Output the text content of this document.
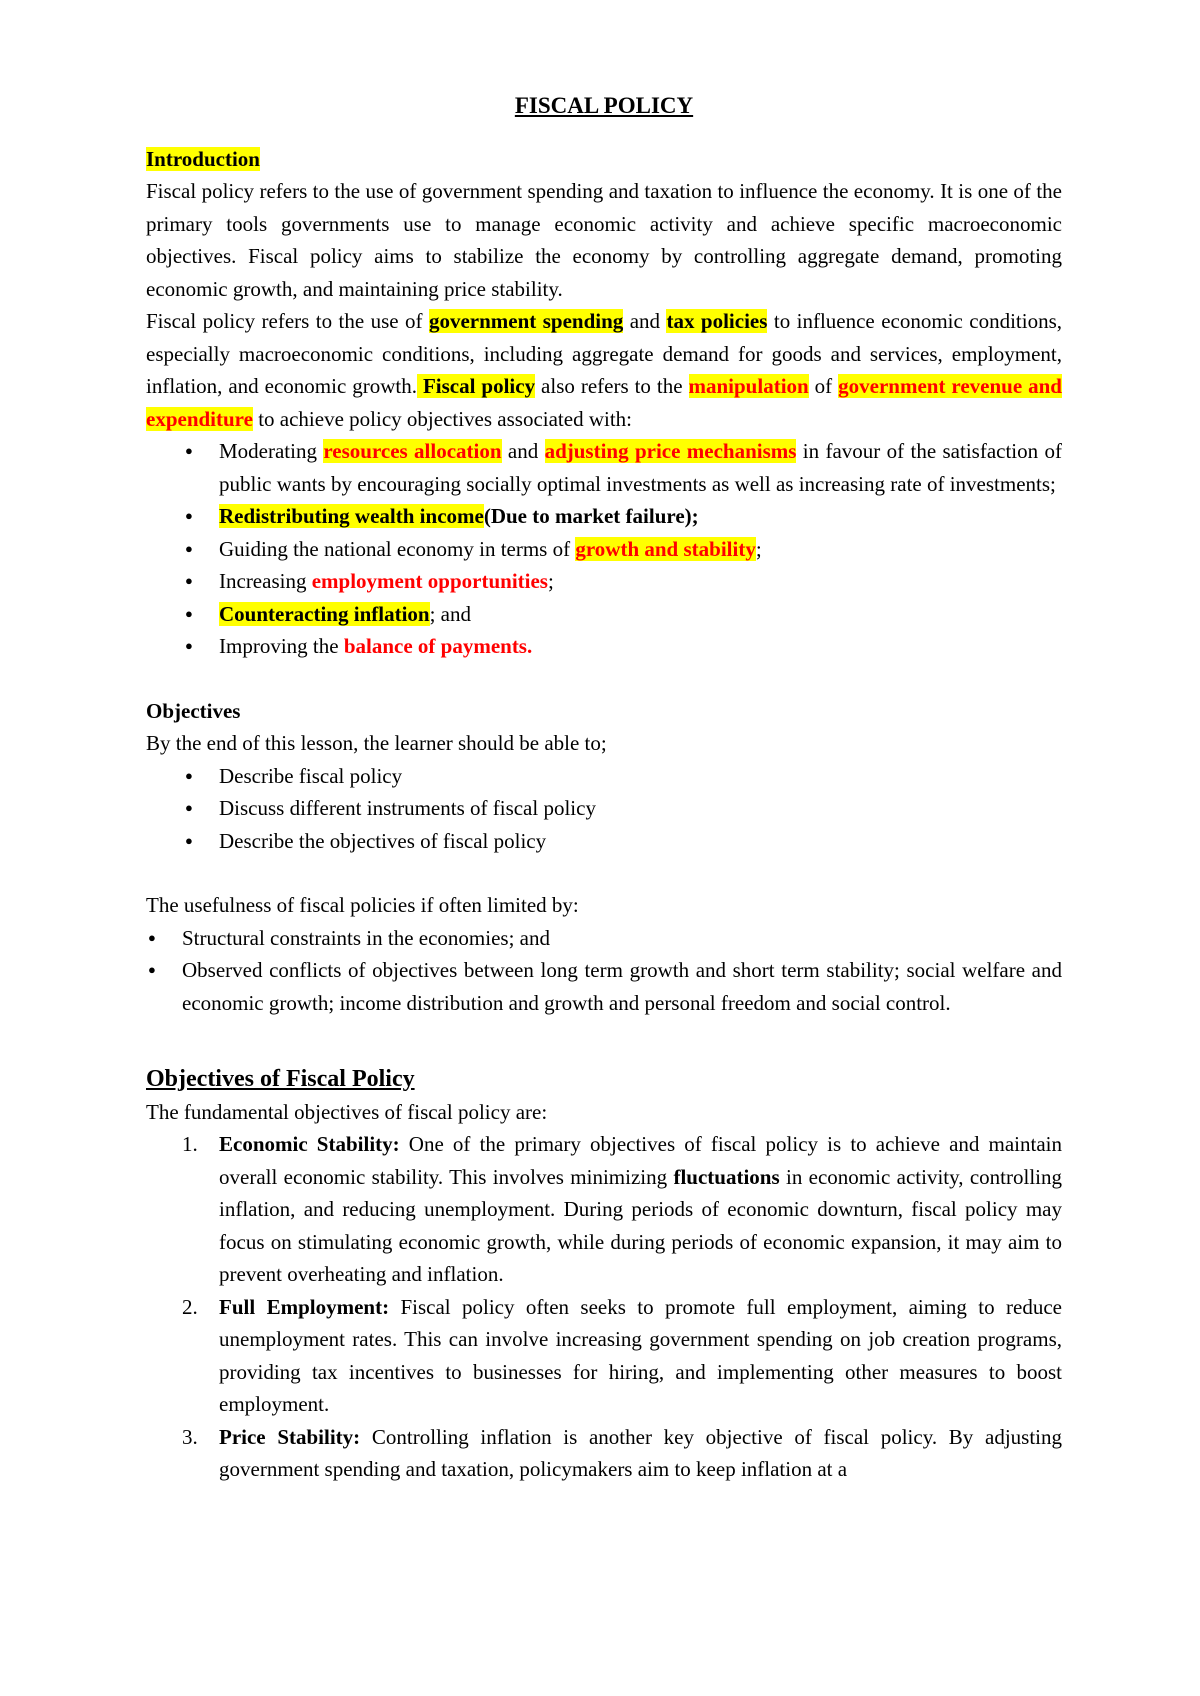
FISCAL POLICY

Introduction

Fiscal policy refers to the use of government spending and taxation to influence the economy. It is one of the primary tools governments use to manage economic activity and achieve specific macroeconomic objectives. Fiscal policy aims to stabilize the economy by controlling aggregate demand, promoting economic growth, and maintaining price stability.

Fiscal policy refers to the use of government spending and tax policies to influence economic conditions, especially macroeconomic conditions, including aggregate demand for goods and services, employment, inflation, and economic growth. Fiscal policy also refers to the manipulation of government revenue and expenditure to achieve policy objectives associated with:

● Moderating resources allocation and adjusting price mechanisms in favour of the satisfaction of public wants by encouraging socially optimal investments as well as increasing rate of investments;
● Redistributing wealth income(Due to market failure);
● Guiding the national economy in terms of growth and stability;
● Increasing employment opportunities;
● Counteracting inflation; and
● Improving the balance of payments.

Objectives

By the end of this lesson, the learner should be able to;

● Describe fiscal policy
● Discuss different instruments of fiscal policy
● Describe the objectives of fiscal policy

The usefulness of fiscal policies if often limited by:

● Structural constraints in the economies; and
● Observed conflicts of objectives between long term growth and short term stability; social welfare and economic growth; income distribution and growth and personal freedom and social control.

Objectives of Fiscal Policy

The fundamental objectives of fiscal policy are:

1. Economic Stability: One of the primary objectives of fiscal policy is to achieve and maintain overall economic stability. This involves minimizing fluctuations in economic activity, controlling inflation, and reducing unemployment. During periods of economic downturn, fiscal policy may focus on stimulating economic growth, while during periods of economic expansion, it may aim to prevent overheating and inflation.
2. Full Employment: Fiscal policy often seeks to promote full employment, aiming to reduce unemployment rates. This can involve increasing government spending on job creation programs, providing tax incentives to businesses for hiring, and implementing other measures to boost employment.
3. Price Stability: Controlling inflation is another key objective of fiscal policy. By adjusting government spending and taxation, policymakers aim to keep inflation at a
